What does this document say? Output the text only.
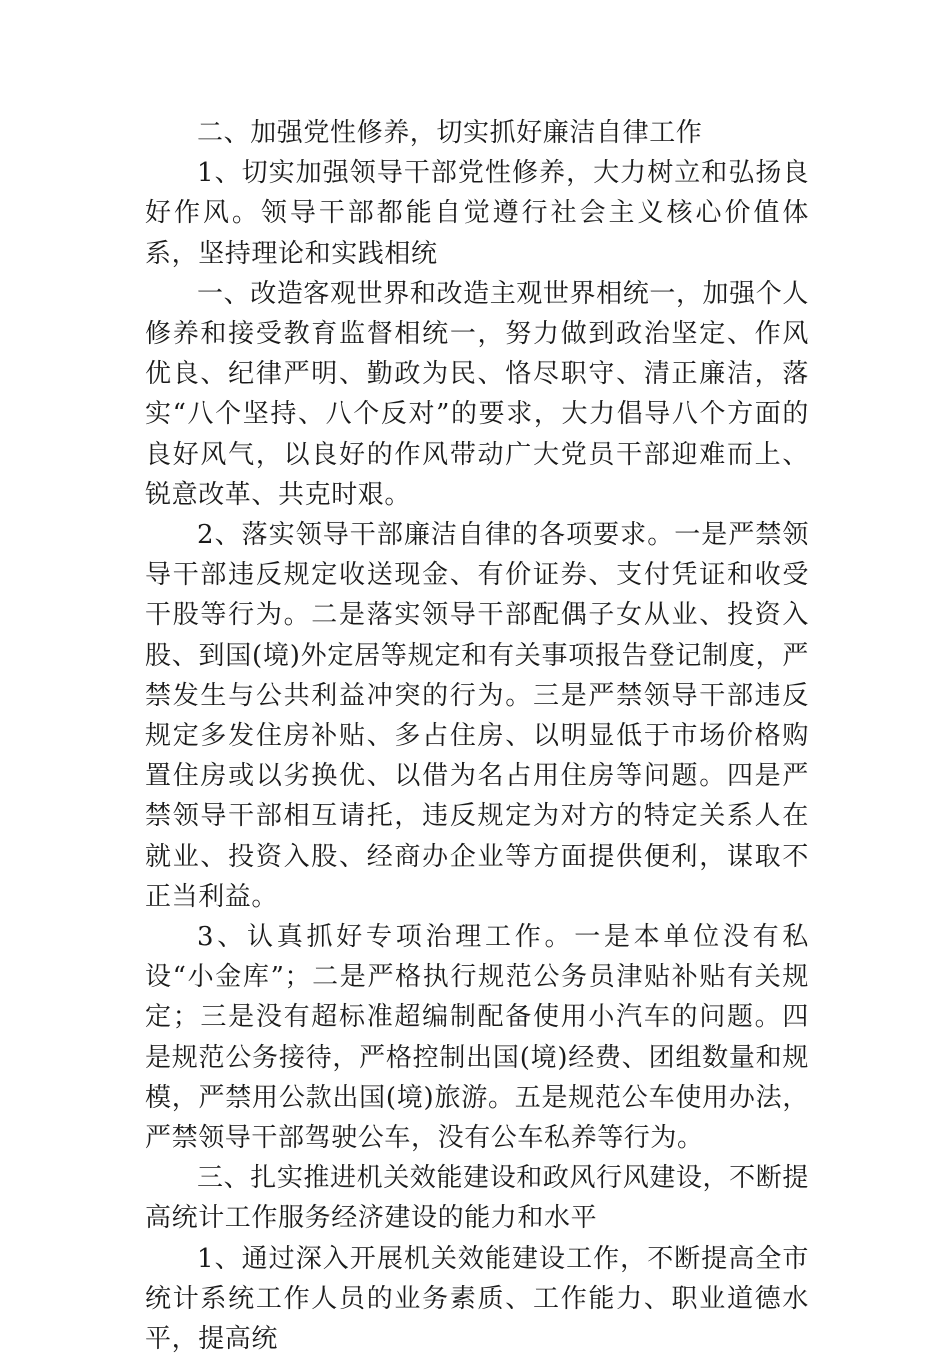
二、加强党性修养，切实抓好廉洁自律工作

1、切实加强领导干部党性修养，大力树立和弘扬良好作风。领导干部都能自觉遵行社会主义核心价值体系，坚持理论和实践相统

一、改造客观世界和改造主观世界相统一，加强个人修养和接受教育监督相统一，努力做到政治坚定、作风优良、纪律严明、勤政为民、恪尽职守、清正廉洁，落实“八个坚持、八个反对”的要求，大力倡导八个方面的良好风气，以良好的作风带动广大党员干部迎难而上、锐意改革、共克时艰。

2、落实领导干部廉洁自律的各项要求。一是严禁领导干部违反规定收送现金、有价证券、支付凭证和收受干股等行为。二是落实领导干部配偶子女从业、投资入股、到国(境)外定居等规定和有关事项报告登记制度，严禁发生与公共利益冲突的行为。三是严禁领导干部违反规定多发住房补贴、多占住房、以明显低于市场价格购置住房或以劣换优、以借为名占用住房等问题。四是严禁领导干部相互请托，违反规定为对方的特定关系人在就业、投资入股、经商办企业等方面提供便利，谋取不正当利益。

3、认真抓好专项治理工作。一是本单位没有私设“小金库”；二是严格执行规范公务员津贴补贴有关规定；三是没有超标准超编制配备使用小汽车的问题。四是规范公务接待，严格控制出国(境)经费、团组数量和规模，严禁用公款出国(境)旅游。五是规范公车使用办法，严禁领导干部驾驶公车，没有公车私养等行为。

三、扎实推进机关效能建设和政风行风建设，不断提高统计工作服务经济建设的能力和水平

1、通过深入开展机关效能建设工作，不断提高全市统计系统工作人员的业务素质、工作能力、职业道德水平，提高统
